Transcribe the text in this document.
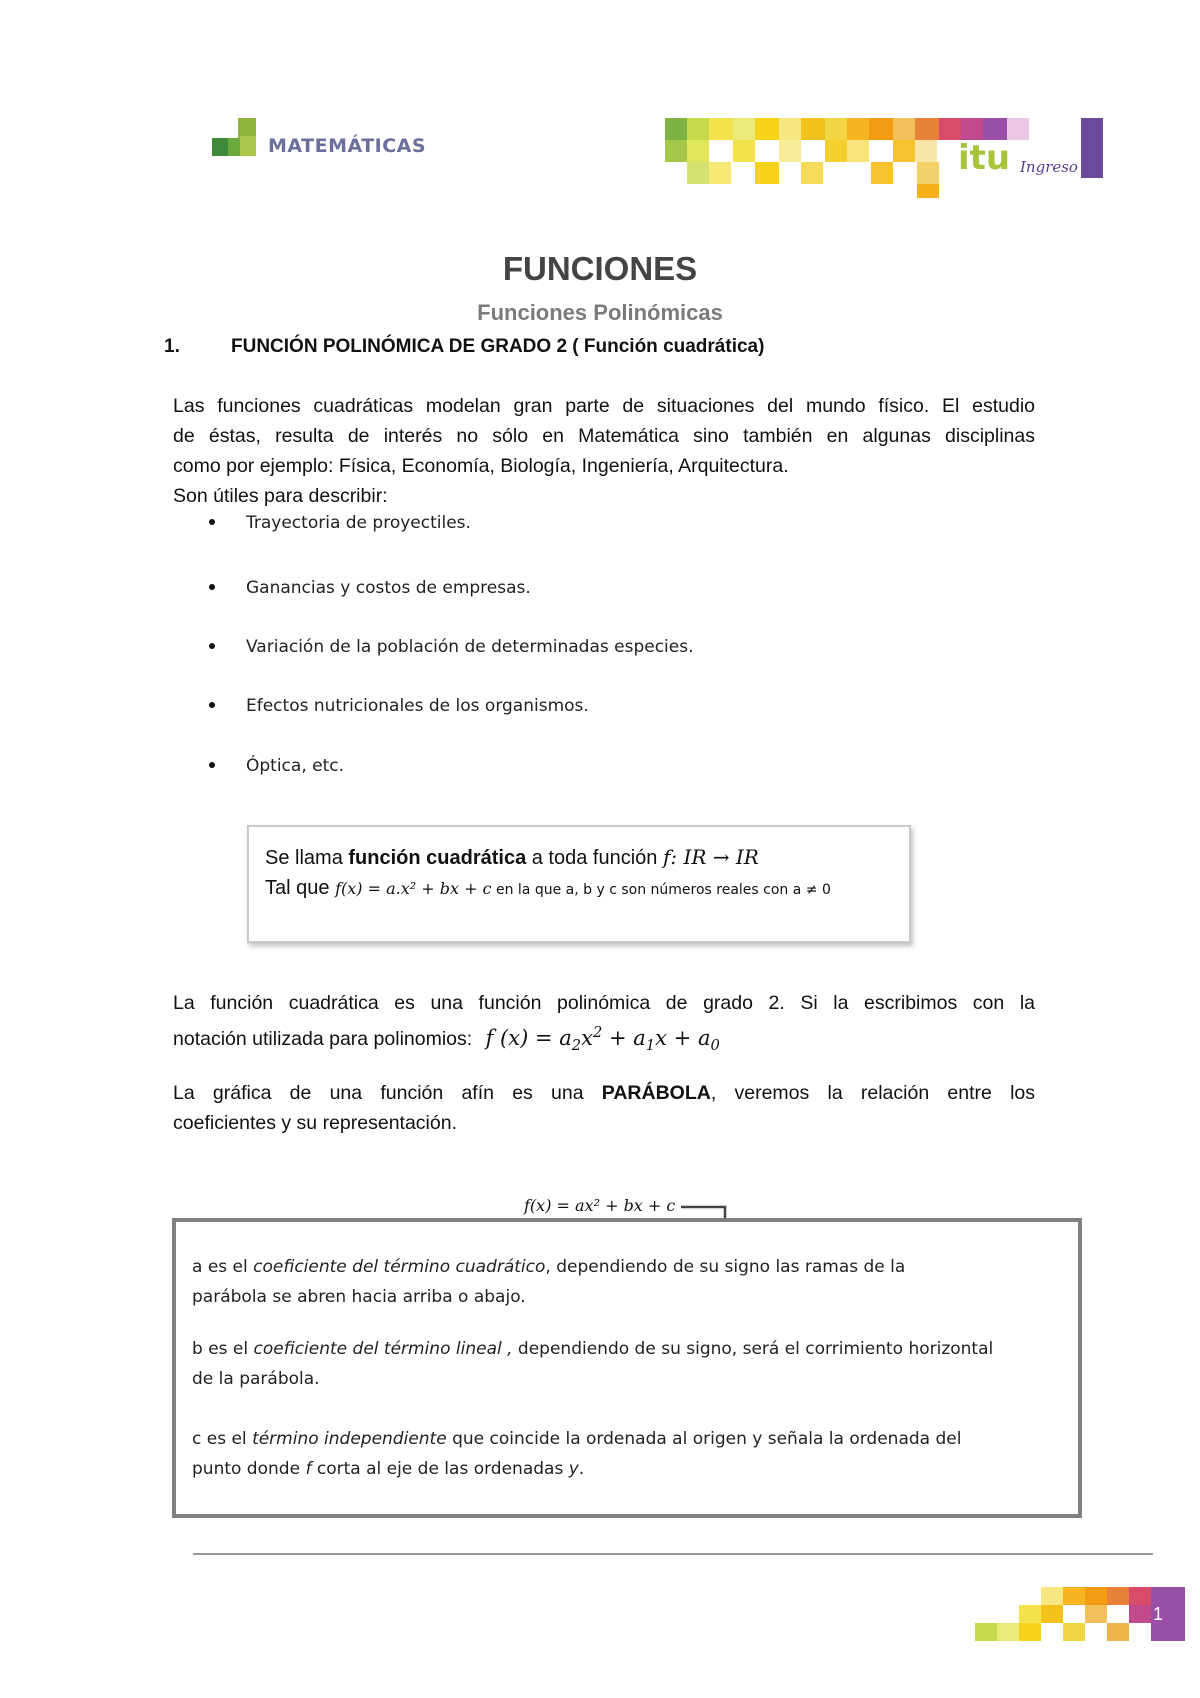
MATEMÁTICAS	itu Ingreso
FUNCIONES
Funciones Polinómicas
1.	FUNCIÓN POLINÓMICA DE GRADO 2 ( Función cuadrática)
Las funciones cuadráticas modelan gran parte de situaciones del mundo físico. El estudio
de éstas, resulta de interés no sólo en Matemática sino también en algunas disciplinas
como por ejemplo: Física, Economía, Biología, Ingeniería, Arquitectura.
Son útiles para describir:
Trayectoria de proyectiles.
Ganancias y costos de empresas.
Variación de la población de determinadas especies.
Efectos nutricionales de los organismos.
Óptica, etc.
Se llama función cuadrática a toda función f: IR → IR
Tal que f(x) = a.x² + bx + c en la que a, b y c son números reales con a ≠ 0
La función cuadrática es una función polinómica de grado 2. Si la escribimos con la
notación utilizada para polinomios: f $(x) = a_2x^2 + a_1x + a_0$
La gráfica de una función afín es una PARÁBOLA, veremos la relación entre los
coeficientes y su representación.
f(x) = ax² + bx + c
a es el coeficiente del término cuadrático, dependiendo de su signo las ramas de la
parábola se abren hacia arriba o abajo.
b es el coeficiente del término lineal , dependiendo de su signo, será el corrimiento horizontal
de la parábola.
c es el término independiente que coincide la ordenada al origen y señala la ordenada del
punto donde f corta al eje de las ordenadas y.
1
